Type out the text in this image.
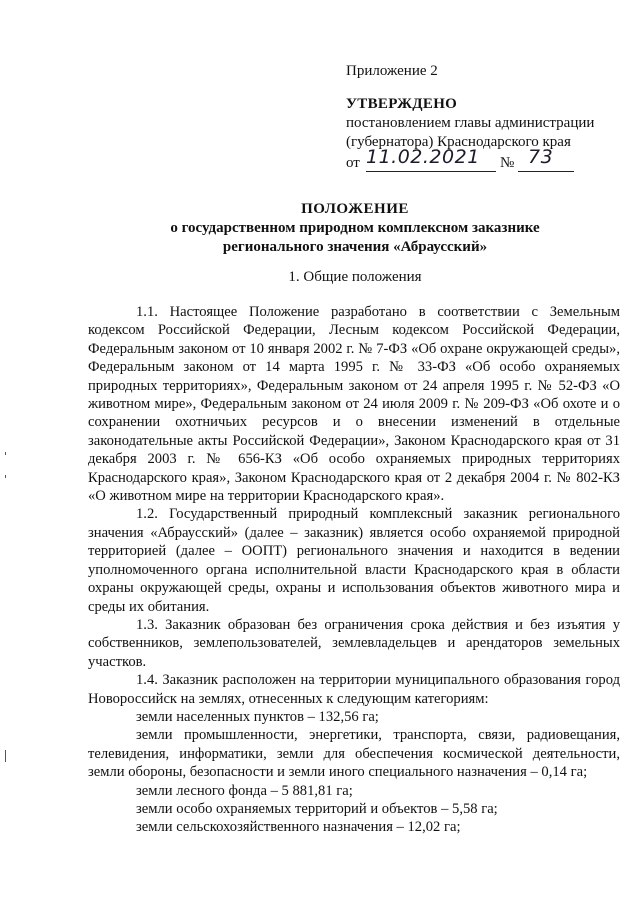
Приложение 2
УТВЕРЖДЕНО
постановлением главы администрации
(губернатора) Краснодарского края
от 11.02.2021 № 73
ПОЛОЖЕНИЕ
о государственном природном комплексном заказнике
регионального значения «Абраусский»
1. Общие положения

1.1. Настоящее Положение разработано в соответствии с Земельным кодексом Российской Федерации, Лесным кодексом Российской Федерации, Федеральным законом от 10 января 2002 г. № 7-ФЗ «Об охране окружающей среды», Федеральным законом от 14 марта 1995 г. № 33-ФЗ «Об особо охраняемых природных территориях», Федеральным законом от 24 апреля 1995 г. № 52-ФЗ «О животном мире», Федеральным законом от 24 июля 2009 г. № 209-ФЗ «Об охоте и о сохранении охотничьих ресурсов и о внесении изменений в отдельные законодательные акты Российской Федерации», Законом Краснодарского края от 31 декабря 2003 г. № 656-КЗ «Об особо охраняемых природных территориях Краснодарского края», Законом Краснодарского края от 2 декабря 2004 г. № 802-КЗ «О животном мире на территории Краснодарского края».

1.2. Государственный природный комплексный заказник регионального значения «Абраусский» (далее – заказник) является особо охраняемой природной территорией (далее – ООПТ) регионального значения и находится в ведении уполномоченного органа исполнительной власти Краснодарского края в области охраны окружающей среды, охраны и использования объектов животного мира и среды их обитания.

1.3. Заказник образован без ограничения срока действия и без изъятия у собственников, землепользователей, землевладельцев и арендаторов земельных участков.

1.4. Заказник расположен на территории муниципального образования город Новороссийск на землях, отнесенных к следующим категориям:

земли населенных пунктов – 132,56 га;

земли промышленности, энергетики, транспорта, связи, радиовещания, телевидения, информатики, земли для обеспечения космической деятельности, земли обороны, безопасности и земли иного специального назначения – 0,14 га;

земли лесного фонда – 5 881,81 га;

земли особо охраняемых территорий и объектов – 5,58 га;

земли сельскохозяйственного назначения – 12,02 га;
